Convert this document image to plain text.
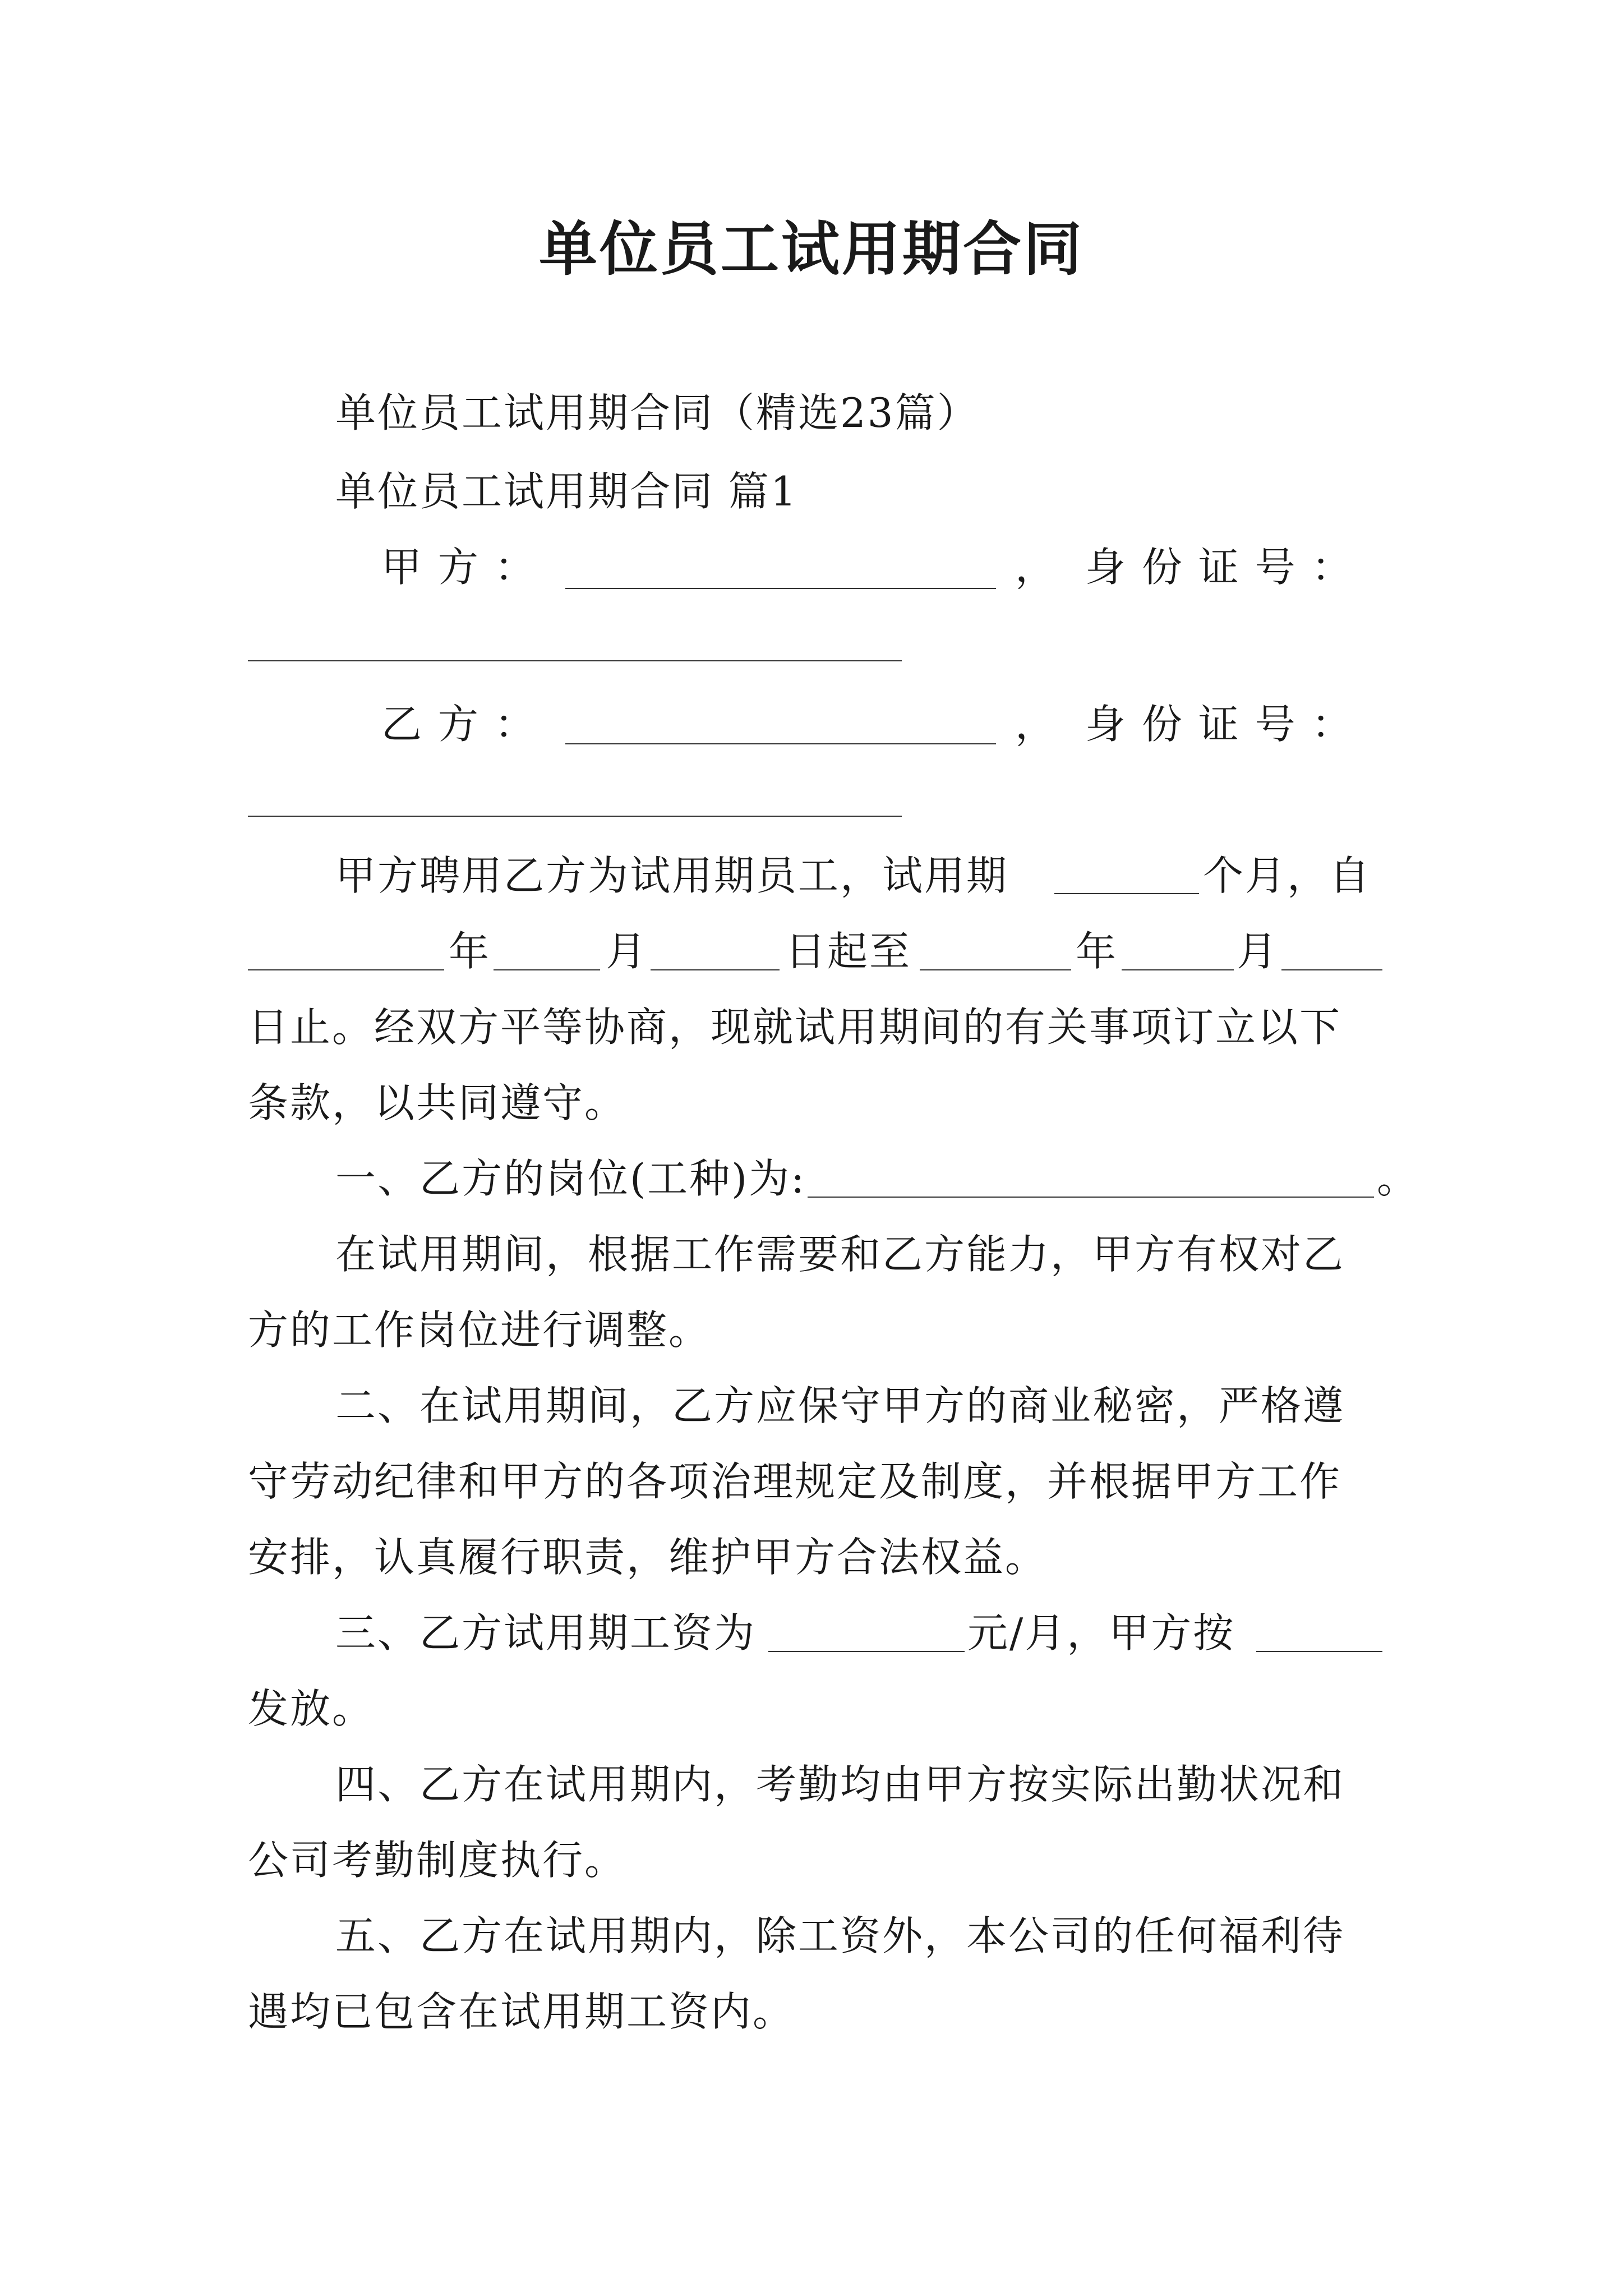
单位员工试用期合同
单位员工试用期合同（精选23篇）
单位员工试用期合同 篇1
甲 方 ：	， 身 份 证 号 ：
乙 方 ：	， 身 份 证 号 ：
甲方聘用乙方为试用期员工，试用期	个月，自
年	月	日起至	年	月
日止。经双方平等协商，现就试用期间的有关事项订立以下
条款，以共同遵守。
一、乙方的岗位(工种)为:	。
在试用期间，根据工作需要和乙方能力，甲方有权对乙
方的工作岗位进行调整。
二、在试用期间，乙方应保守甲方的商业秘密，严格遵
守劳动纪律和甲方的各项治理规定及制度，并根据甲方工作
安排，认真履行职责，维护甲方合法权益。
三、乙方试用期工资为	元/月，甲方按
发放。
四、乙方在试用期内，考勤均由甲方按实际出勤状况和
公司考勤制度执行。
五、乙方在试用期内，除工资外，本公司的任何福利待
遇均已包含在试用期工资内。
